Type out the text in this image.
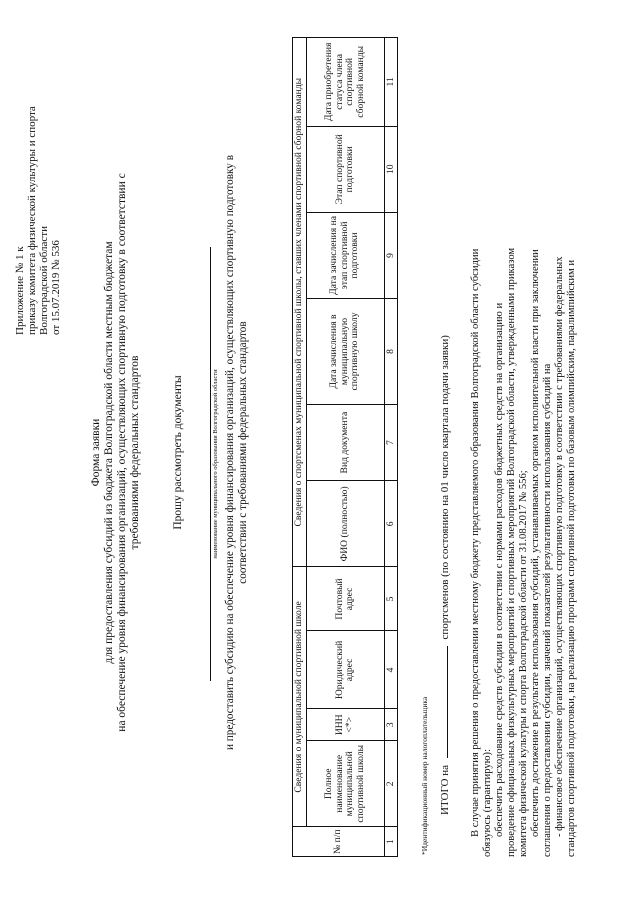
Приложение № 1 к приказу комитета физической культуры и спорта Волгоградской области от 15.07.2019 № 536
Форма заявки для предоставления субсидий из бюджета Волгоградской области местным бюджетам на обеспечение уровня финансирования организаций, осуществляющих спортивную подготовку в соответствии с требованиями федеральных стандартов	Прошу рассмотреть документы	наименование муниципального образования Волгоградской области и предоставить субсидию на обеспечение уровня финансирования организаций, осуществляющих спортивную подготовку в соответствии с требованиями федеральных стандартов
№ п/п	Сведения о муниципальной спортивной школе				Сведения о спортсменах муниципальной спортивной школы, ставших членами спортивной сборной команды					
	Полное наименование муниципальной спортивной школы	ИНН <*>	Юридический адрес	Почтовый адрес	ФИО (полностью)	Вид документа	Дата зачисления в муниципальную спортивную школу	Дата зачисления на этап спортивной подготовки	Этап спортивной подготовки	Дата приобретения статуса члена спортивной сборной команды
1	2	3	4	5	6	7	8	9	10	11
*Идентификационный номер налогоплательщика ИТОГО на  спортсменов (по состоянию на 01 число квартала подачи заявки) В случае принятия решения о предоставлении местному бюджету представляемого образования Волгоградской области субсидии обязуюсь (гарантирую): обеспечить расходование средств субсидии в соответствии с нормами расходов бюджетных средств на организацию и проведение официальных физкультурных мероприятий и спортивных мероприятий Волгоградской области, утвержденными приказом комитета физической культуры и спорта Волгоградской области от 31.08.2017 № 556; обеспечить достижение в результате использования субсидий, устанавливаемых органом исполнительной власти при заключении соглашения о предоставлении субсидии, значений показателей результативности использования субсидий на - финансовое обеспечение организаций, осуществляющих спортивную подготовку в соответствии с требованиями федеральных стандартов спортивной подготовки, на реализацию программ спортивной подготовки по базовым олимпийским, паралимпийским и
